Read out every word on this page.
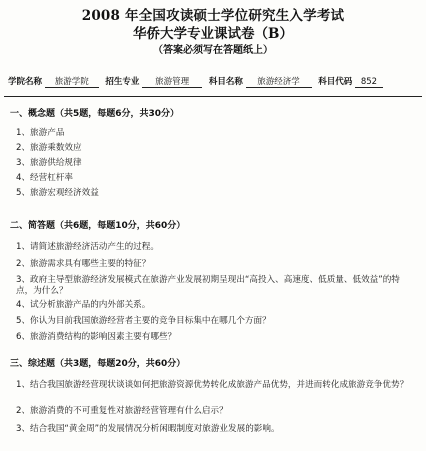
2008 年全国攻读硕士学位研究生入学考试
华侨大学专业课试卷（B）
（答案必须写在答题纸上）
学院名称 旅游学院 招生专业 旅游管理 科目名称 旅游经济学 科目代码 852
一、概念题（共5题，每题6分，共30分）
1、旅游产品
2、旅游乘数效应
3、旅游供给规律
4、经营杠杆率
5、旅游宏观经济效益
二、简答题（共6题，每题10分，共60分）
1、请简述旅游经济活动产生的过程。
2、旅游需求具有哪些主要的特征？
3、政府主导型旅游经济发展模式在旅游产业发展初期呈现出“高投入、高速度、低质量、低效益”的特点，为什么？
4、试分析旅游产品的内外部关系。
5、你认为目前我国旅游经营者主要的竞争目标集中在哪几个方面？
6、旅游消费结构的影响因素主要有哪些？
三、综述题（共3题，每题20分，共60分）
1、结合我国旅游经营现状谈谈如何把旅游资源优势转化成旅游产品优势，并进而转化成旅游竞争优势？
2、旅游消费的不可重复性对旅游经营管理有什么启示？
3、结合我国“黄金周”的发展情况分析闲暇制度对旅游业发展的影响。
